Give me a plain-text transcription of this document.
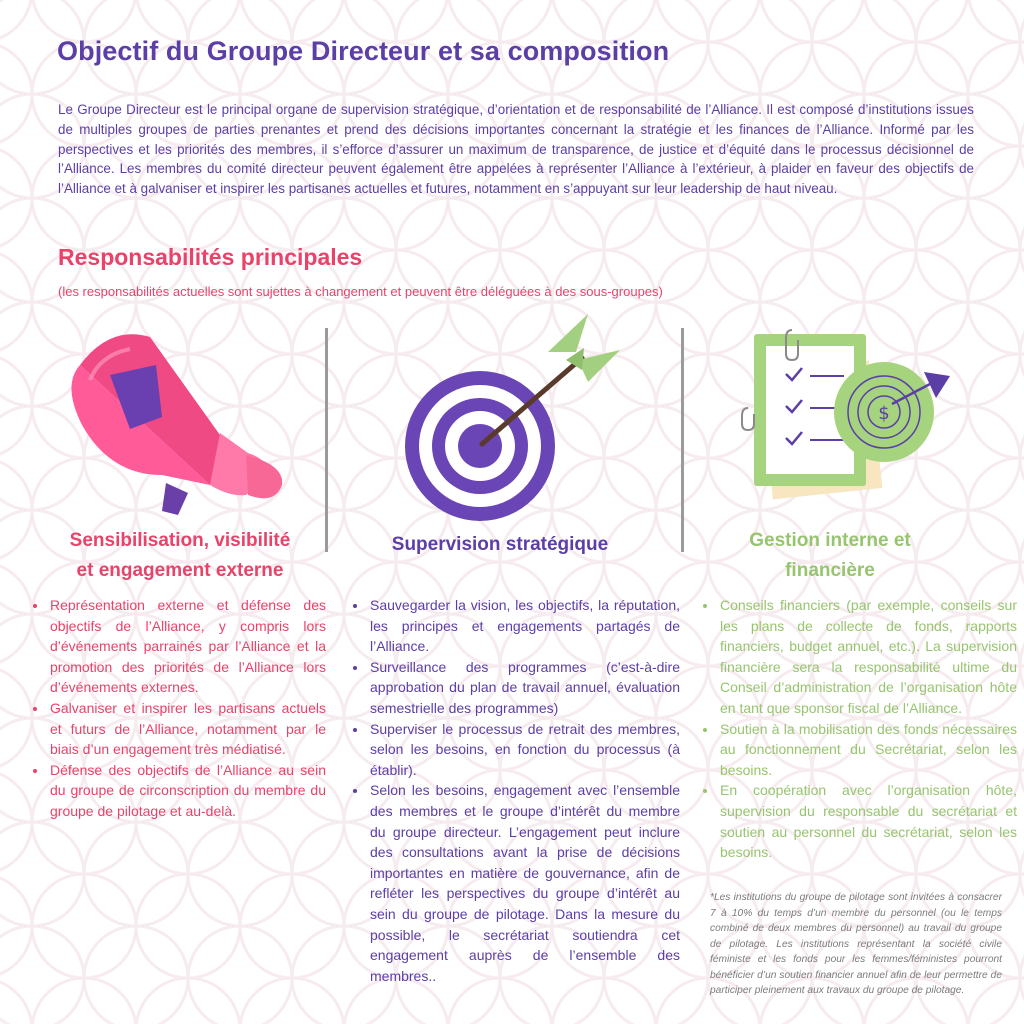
Objectif du Groupe Directeur et sa composition

Le Groupe Directeur est le principal organe de supervision stratégique, d’orientation et de responsabilité de l’Alliance. Il est composé d’institutions issues de multiples groupes de parties prenantes et prend des décisions importantes concernant la stratégie et les finances de l’Alliance. Informé par les perspectives et les priorités des membres, il s’efforce d’assurer un maximum de transparence, de justice et d’équité dans le processus décisionnel de l’Alliance. Les membres du comité directeur peuvent également être appelées à représenter l’Alliance à l’extérieur, à plaider en faveur des objectifs de l’Alliance et à galvaniser et inspirer les partisanes actuelles et futures, notamment en s’appuyant sur leur leadership de haut niveau.

Responsabilités principales

(les responsabilités actuelles sont sujettes à changement et peuvent être déléguées à des sous-groupes)

$
Sensibilisation, visibilité
et engagement externe
Supervision stratégique	Gestion interne et
financière
• Représentation externe et défense des objectifs de l’Alliance, y compris lors d’événements parrainés par l’Alliance et la promotion des priorités de l’Alliance lors d’événements externes.
• Galvaniser et inspirer les partisans actuels et futurs de l’Alliance, notamment par le biais d’un engagement très médiatisé.
• Défense des objectifs de l’Alliance au sein du groupe de circonscription du membre du groupe de pilotage et au-delà.
• Sauvegarder la vision, les objectifs, la réputation, les principes et engagements partagés de l’Alliance.
• Surveillance des programmes (c’est-à-dire approbation du plan de travail annuel, évaluation semestrielle des programmes)
• Superviser le processus de retrait des membres, selon les besoins, en fonction du processus (à établir).
• Selon les besoins, engagement avec l’ensemble des membres et le groupe d’intérêt du membre du groupe directeur. L’engagement peut inclure des consultations avant la prise de décisions importantes en matière de gouvernance, afin de refléter les perspectives du groupe d’intérêt au sein du groupe de pilotage. Dans la mesure du possible, le secrétariat soutiendra cet engagement auprès de l’ensemble des membres..
• Conseils financiers (par exemple, conseils sur les plans de collecte de fonds, rapports financiers, budget annuel, etc.). La supervision financière sera la responsabilité ultime du Conseil d’administration de l’organisation hôte en tant que sponsor fiscal de l’Alliance.
• Soutien à la mobilisation des fonds nécessaires au fonctionnement du Secrétariat, selon les besoins.
• En coopération avec l’organisation hôte, supervision du responsable du secrétariat et soutien au personnel du secrétariat, selon les besoins.

*Les institutions du groupe de pilotage sont invitées à consacrer 7 à 10% du temps d’un membre du personnel (ou le temps combiné de deux membres du personnel) au travail du groupe de pilotage. Les institutions représentant la société civile féministe et les fonds pour les femmes/féministes pourront bénéficier d’un soutien financier annuel afin de leur permettre de participer pleinement aux travaux du groupe de pilotage.
